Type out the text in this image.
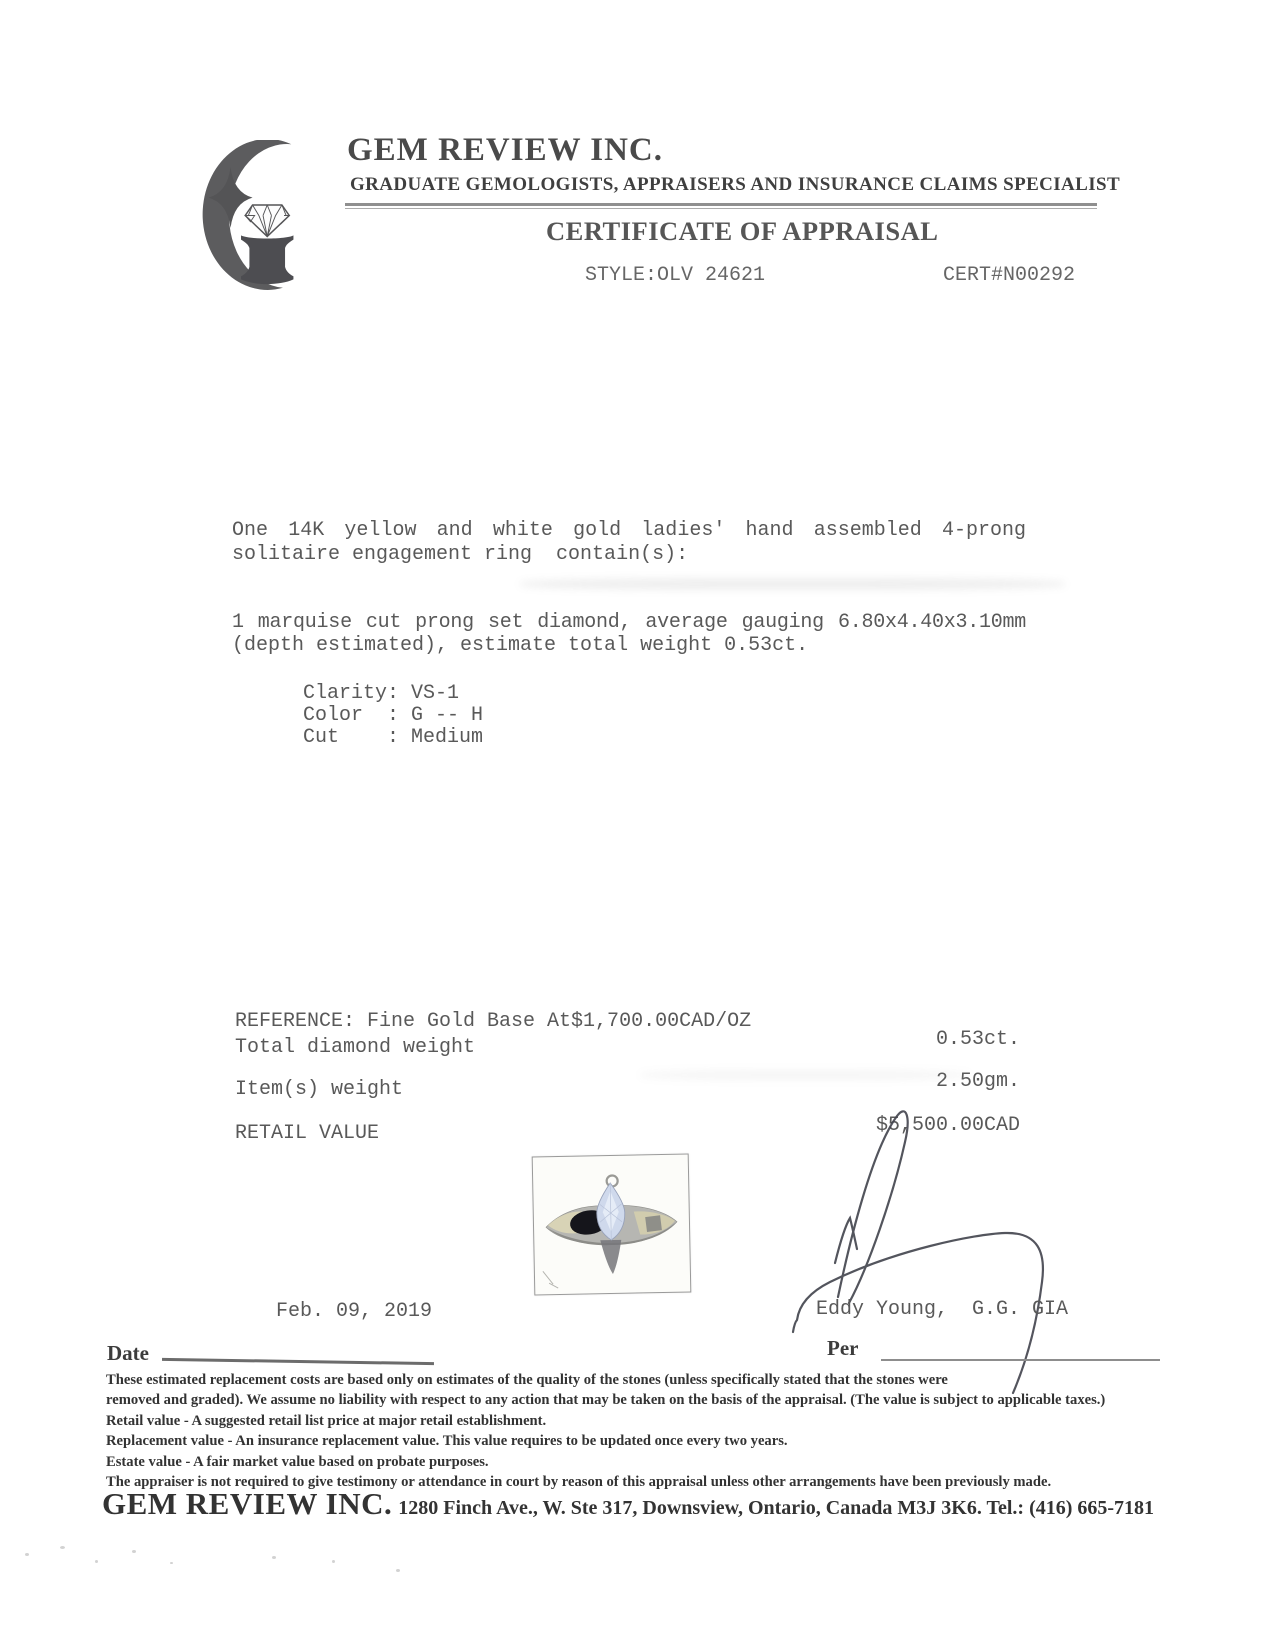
GEM REVIEW INC.
GRADUATE GEMOLOGISTS, APPRAISERS AND INSURANCE CLAIMS SPECIALIST
CERTIFICATE OF APPRAISAL
STYLE:OLV 24621	CERT#N00292
One 14K yellow and white gold ladies' hand assembled 4-prong
solitaire engagement ring  contain(s):
1 marquise cut prong set diamond, average gauging 6.80x4.40x3.10mm
(depth estimated), estimate total weight 0.53ct.
Clarity: VS-1
Color  : G -- H
Cut    : Medium
REFERENCE: Fine Gold Base At$1,700.00CAD/OZ
Total diamond weight	0.53ct.
Item(s) weight	2.50gm.
RETAIL VALUE	$5,500.00CAD
Feb. 09, 2019	Eddy Young,  G.G. GIA
Date	Per
These estimated replacement costs are based only on estimates of the quality of the stones (unless specifically stated that the stones were
removed and graded). We assume no liability with respect to any action that may be taken on the basis of the appraisal. (The value is subject to applicable taxes.)
Retail value - A suggested retail list price at major retail establishment.
Replacement value - An insurance replacement value. This value requires to be updated once every two years.
Estate value - A fair market value based on probate purposes.
The appraiser is not required to give testimony or attendance in court by reason of this appraisal unless other arrangements have been previously made.
GEM REVIEW INC. 1280 Finch Ave., W. Ste 317, Downsview, Ontario, Canada M3J 3K6. Tel.: (416) 665-7181
